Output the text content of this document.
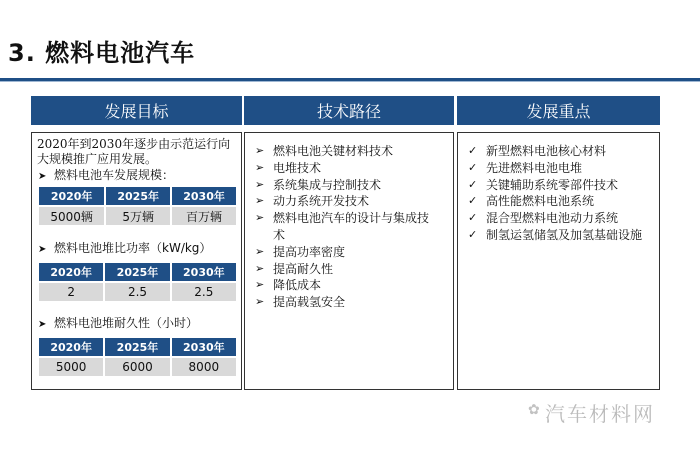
3. 燃料电池汽车
发展目标	技术路径	发展重点
2020年到2030年逐步由示范运行向大规模推广应用发展。
➤ 燃料电池车发展规模：
2020年	2025年	2030年
5000辆	5万辆	百万辆
➤ 燃料电池堆比功率（kW/kg）
2020年	2025年	2030年
2	2.5	2.5
➤ 燃料电池堆耐久性（小时）
2020年	2025年	2030年
5000	6000	8000
➢ 燃料电池关键材料技术
➢ 电堆技术
➢ 系统集成与控制技术
➢ 动力系统开发技术
➢ 燃料电池汽车的设计与集成技术
➢ 提高功率密度
➢ 提高耐久性
➢ 降低成本
➢ 提高载氢安全
✓ 新型燃料电池核心材料
✓ 先进燃料电池电堆
✓ 关键辅助系统零部件技术
✓ 高性能燃料电池系统
✓ 混合型燃料电池动力系统
✓ 制氢运氢储氢及加氢基础设施
✿ 汽车材料网
